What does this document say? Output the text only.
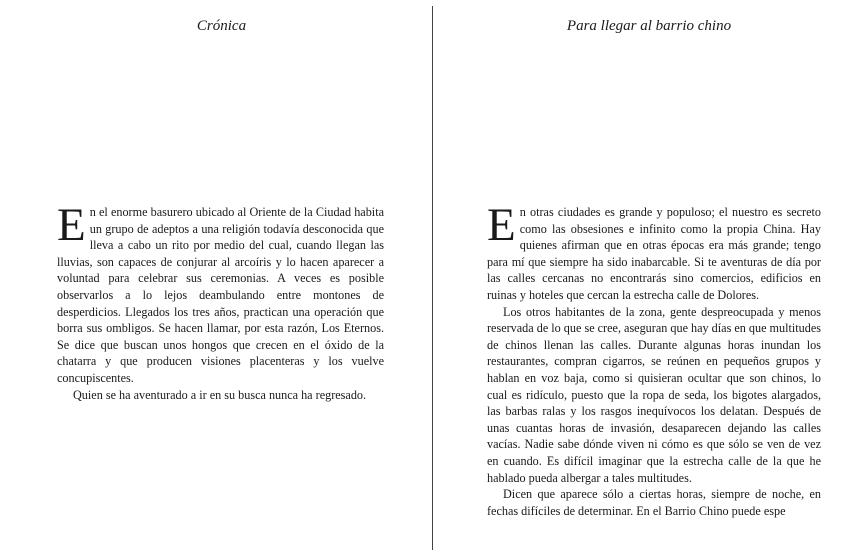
Crónica

En el enorme basurero ubicado al Oriente de la Ciudad habita un grupo de adeptos a una religión todavía desconocida que lleva a cabo un rito por medio del cual, cuando llegan las lluvias, son capaces de conjurar al arcoíris y lo hacen aparecer a voluntad para celebrar sus ceremonias. A veces es posible observarlos a lo lejos deambulando entre montones de desperdicios. Llegados los tres años, practican una operación que borra sus ombligos. Se hacen llamar, por esta razón, Los Eternos. Se dice que buscan unos hongos que crecen en el óxido de la chatarra y que producen visiones placenteras y los vuelve concupiscentes.

Quien se ha aventurado a ir en su busca nunca ha regresado.

Para llegar al barrio chino

En otras ciudades es grande y populoso; el nuestro es secreto como las obsesiones e infinito como la propia China. Hay quienes afirman que en otras épocas era más grande; tengo para mí que siempre ha sido inabarcable. Si te aventuras de día por las calles cercanas no encontrarás sino comercios, edificios en ruinas y hoteles que cercan la estrecha calle de Dolores.

Los otros habitantes de la zona, gente despreocupada y menos reservada de lo que se cree, aseguran que hay días en que multitudes de chinos llenan las calles. Durante algunas horas inundan los restaurantes, compran cigarros, se reúnen en pequeños grupos y hablan en voz baja, como si quisieran ocultar que son chinos, lo cual es ridículo, puesto que la ropa de seda, los bigotes alargados, las barbas ralas y los rasgos inequívocos los delatan. Después de unas cuantas horas de invasión, desaparecen dejando las calles vacías. Nadie sabe dónde viven ni cómo es que sólo se ven de vez en cuando. Es difícil imaginar que la estrecha calle de la que he hablado pueda albergar a tales multitudes.

Dicen que aparece sólo a ciertas horas, siempre de noche, en fechas difíciles de determinar. En el Barrio Chino puede espe
